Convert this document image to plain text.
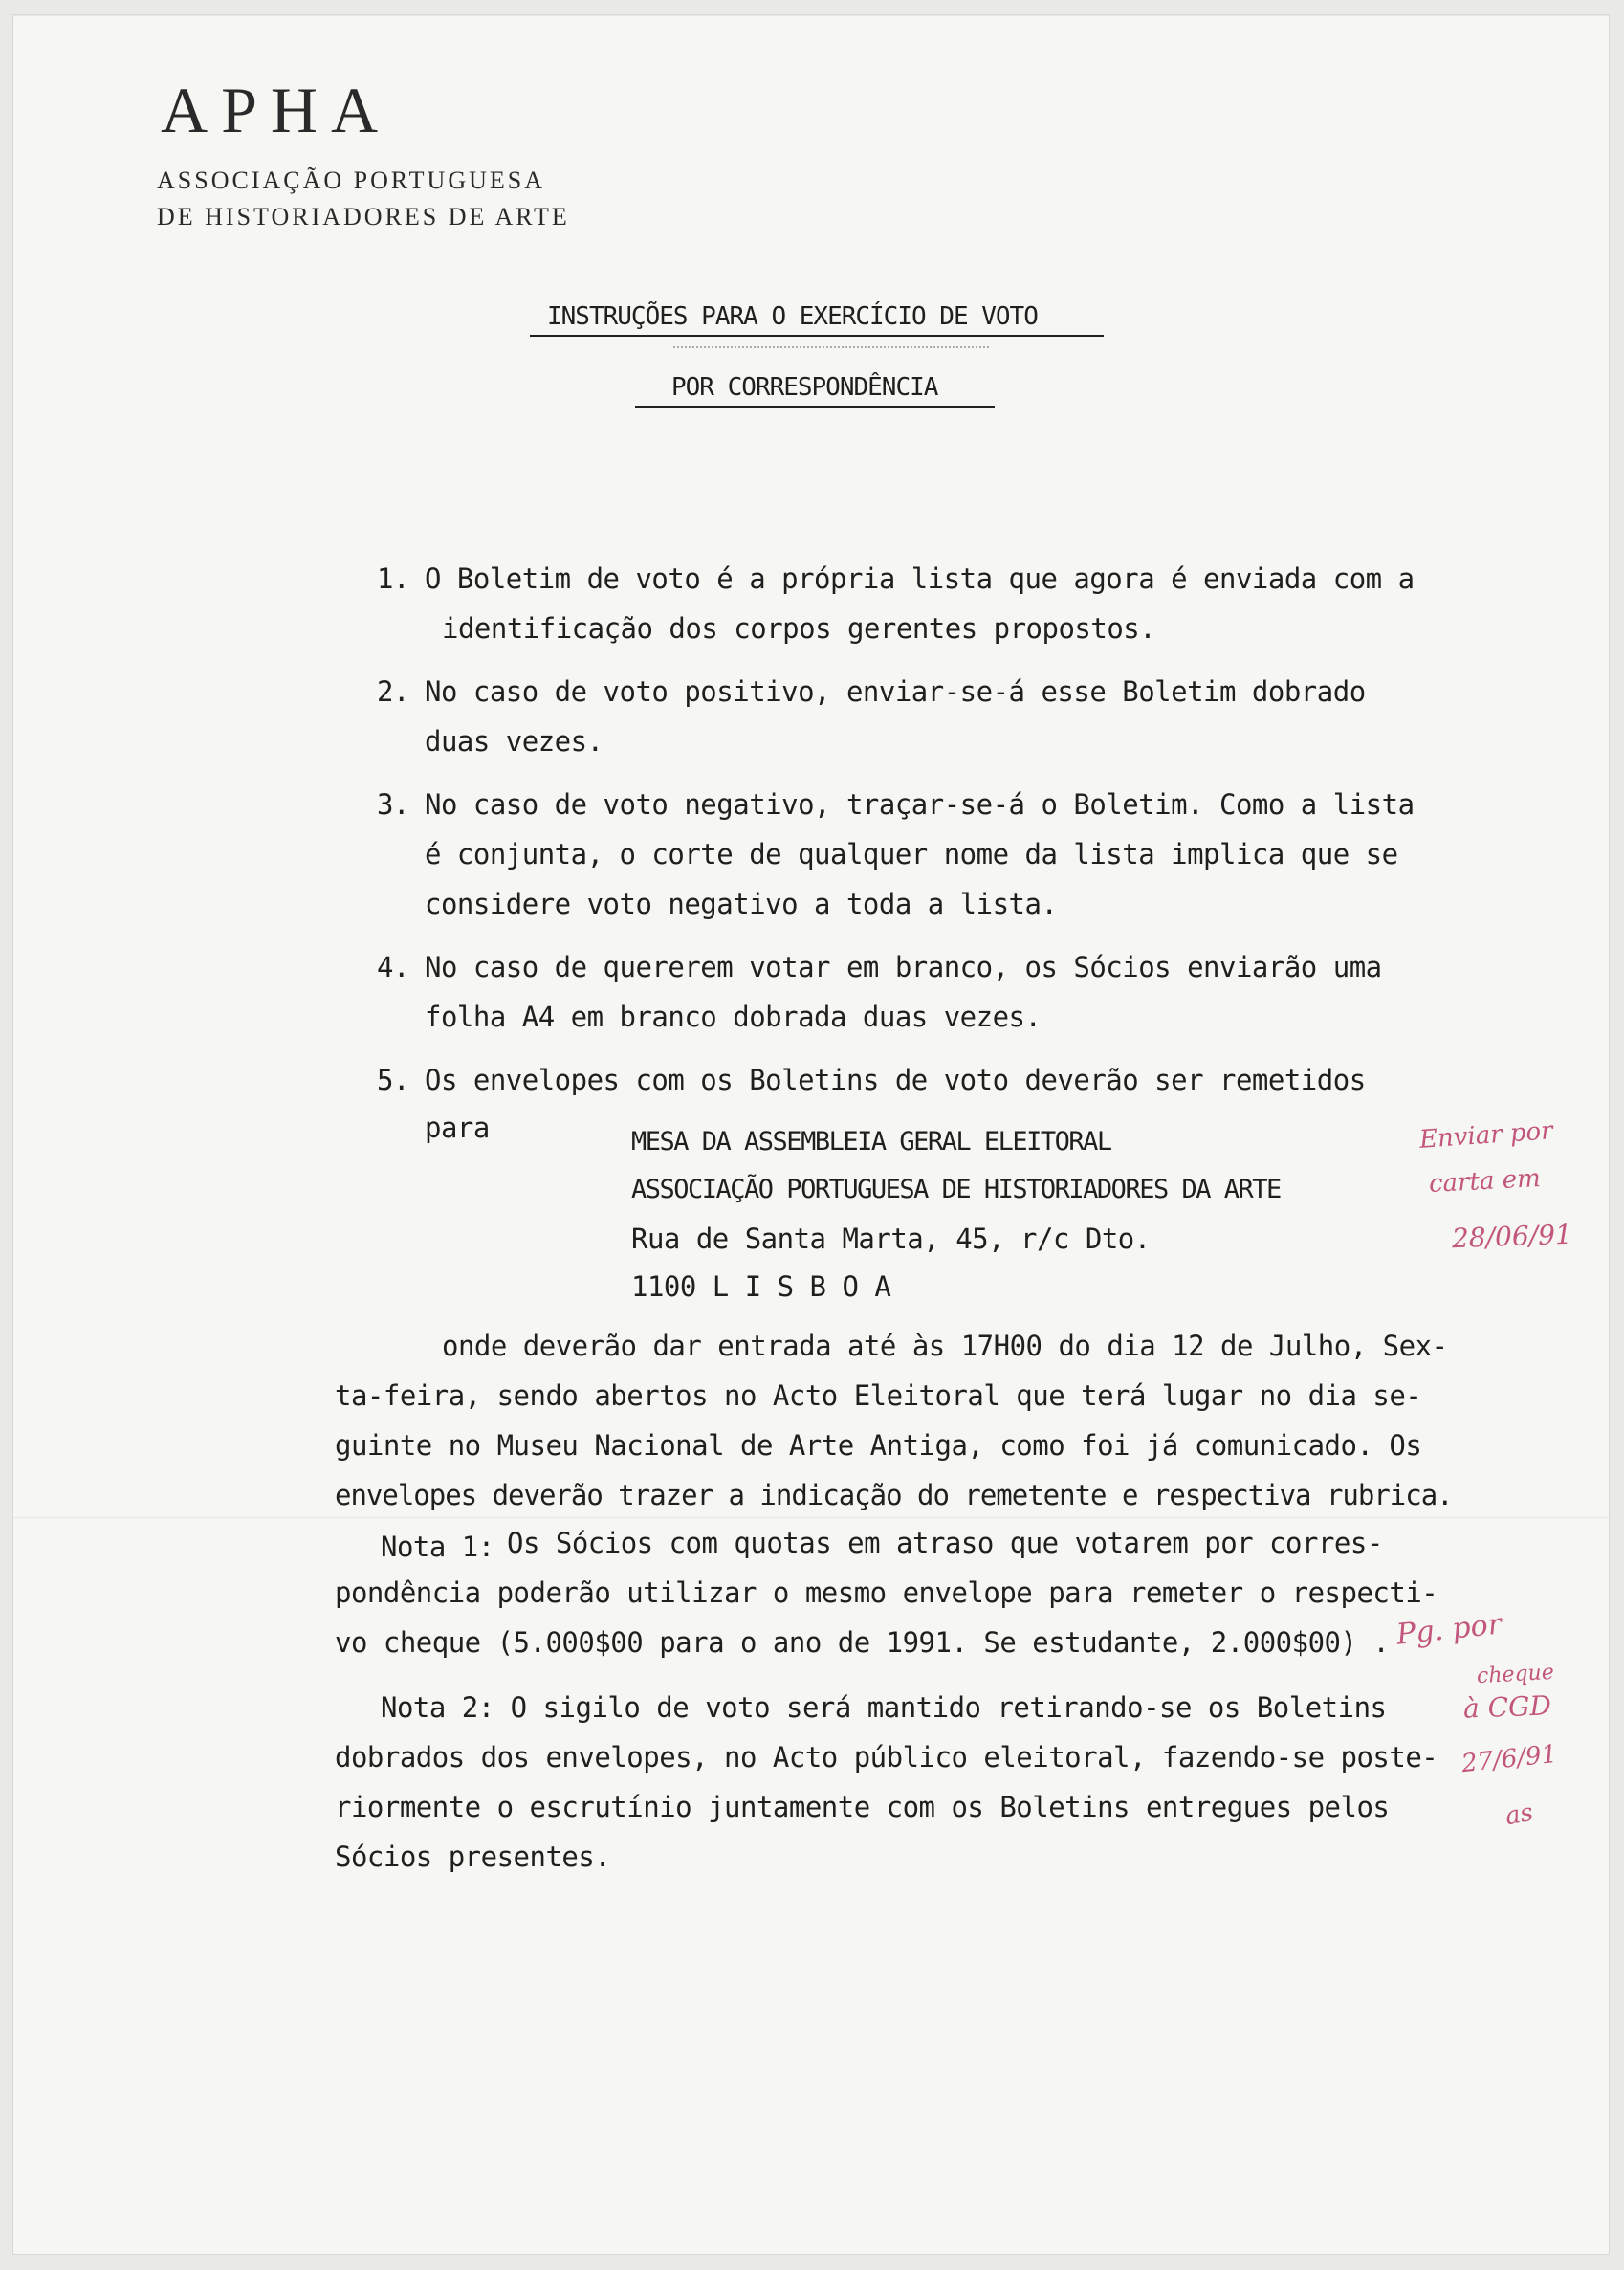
APHA
ASSOCIAÇÃO PORTUGUESA
DE HISTORIADORES DE ARTE
INSTRUÇÕES PARA O EXERCÍCIO DE VOTO
POR CORRESPONDÊNCIA
1. O Boletim de voto é a própria lista que agora é enviada com a
identificação dos corpos gerentes propostos.
2. No caso de voto positivo, enviar-se-á esse Boletim dobrado
duas vezes.
3. No caso de voto negativo, traçar-se-á o Boletim. Como a lista
é conjunta, o corte de qualquer nome da lista implica que se
considere voto negativo a toda a lista.
4. No caso de quererem votar em branco, os Sócios enviarão uma
folha A4 em branco dobrada duas vezes.
5. Os envelopes com os Boletins de voto deverão ser remetidos
para	MESA DA ASSEMBLEIA GERAL ELEITORAL
ASSOCIAÇÃO PORTUGUESA DE HISTORIADORES DA ARTE
Rua de Santa Marta, 45, r/c Dto.
1100 L I S B O A
onde deverão dar entrada até às 17H00 do dia 12 de Julho, Sex-
ta-feira, sendo abertos no Acto Eleitoral que terá lugar no dia se-
guinte no Museu Nacional de Arte Antiga, como foi já comunicado. Os
envelopes deverão trazer a indicação do remetente e respectiva rubrica.
Nota 1: Os Sócios com quotas em atraso que votarem por corres-
pondência poderão utilizar o mesmo envelope para remeter o respecti-
vo cheque (5.000$00 para o ano de 1991. Se estudante, 2.000$00) .
Nota 2: O sigilo de voto será mantido retirando-se os Boletins
dobrados dos envelopes, no Acto público eleitoral, fazendo-se poste-
riormente o escrutínio juntamente com os Boletins entregues pelos
Sócios presentes.
Enviar por
carta em
28/06/91
Pg. por
cheque
à CGD
27/6/91
as
